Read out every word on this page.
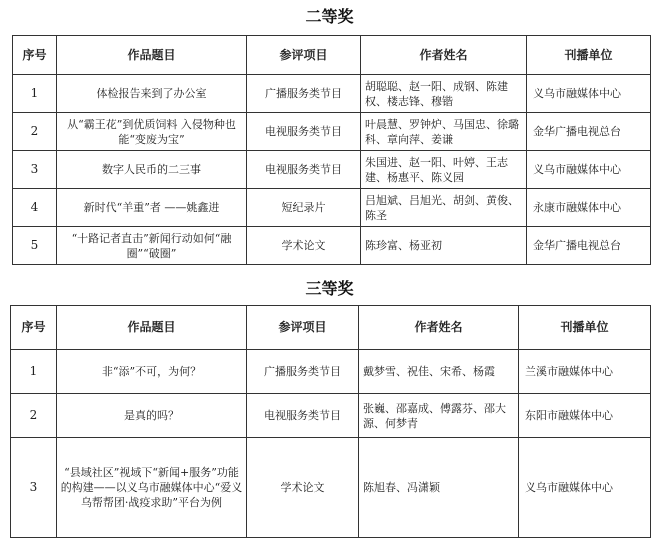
二等奖
序号	作品题目	参评项目	作者姓名	刊播单位
1	体检报告来到了办公室	广播服务类节目	胡聪聪、赵一阳、成钢、陈建权、楼志锋、穆锴	义乌市融媒体中心
2	从“霸王花”到优质饲料 入侵物种也能“变废为宝”	电视服务类节目	叶晨慧、罗钟炉、马国忠、徐璐科、章向萍、姜谦	金华广播电视总台
3	数字人民币的二三事	电视服务类节目	朱国进、赵一阳、叶婷、王志建、杨惠平、陈义园	义乌市融媒体中心
4	新时代“羊重”者 ——姚鑫进	短纪录片	吕旭斌、吕旭光、胡剑、黄俊、陈圣	永康市融媒体中心
5	“十路记者直击”新闻行动如何“融圈”“破圈”	学术论文	陈珍富、杨亚初	金华广播电视总台
三等奖
序号	作品题目	参评项目	作者姓名	刊播单位
1	非“添”不可，为何？	广播服务类节目	戴梦雪、祝佳、宋希、杨霞	兰溪市融媒体中心
2	是真的吗？	电视服务类节目	张巍、邵嘉成、傅露芬、邵大源、何梦青	东阳市融媒体中心
3	“县域社区”视域下“新闻+服务”功能的构建——以义乌市融媒体中心“爱义乌帮帮团·战疫求助”平台为例	学术论文	陈旭春、冯潇颖	义乌市融媒体中心
